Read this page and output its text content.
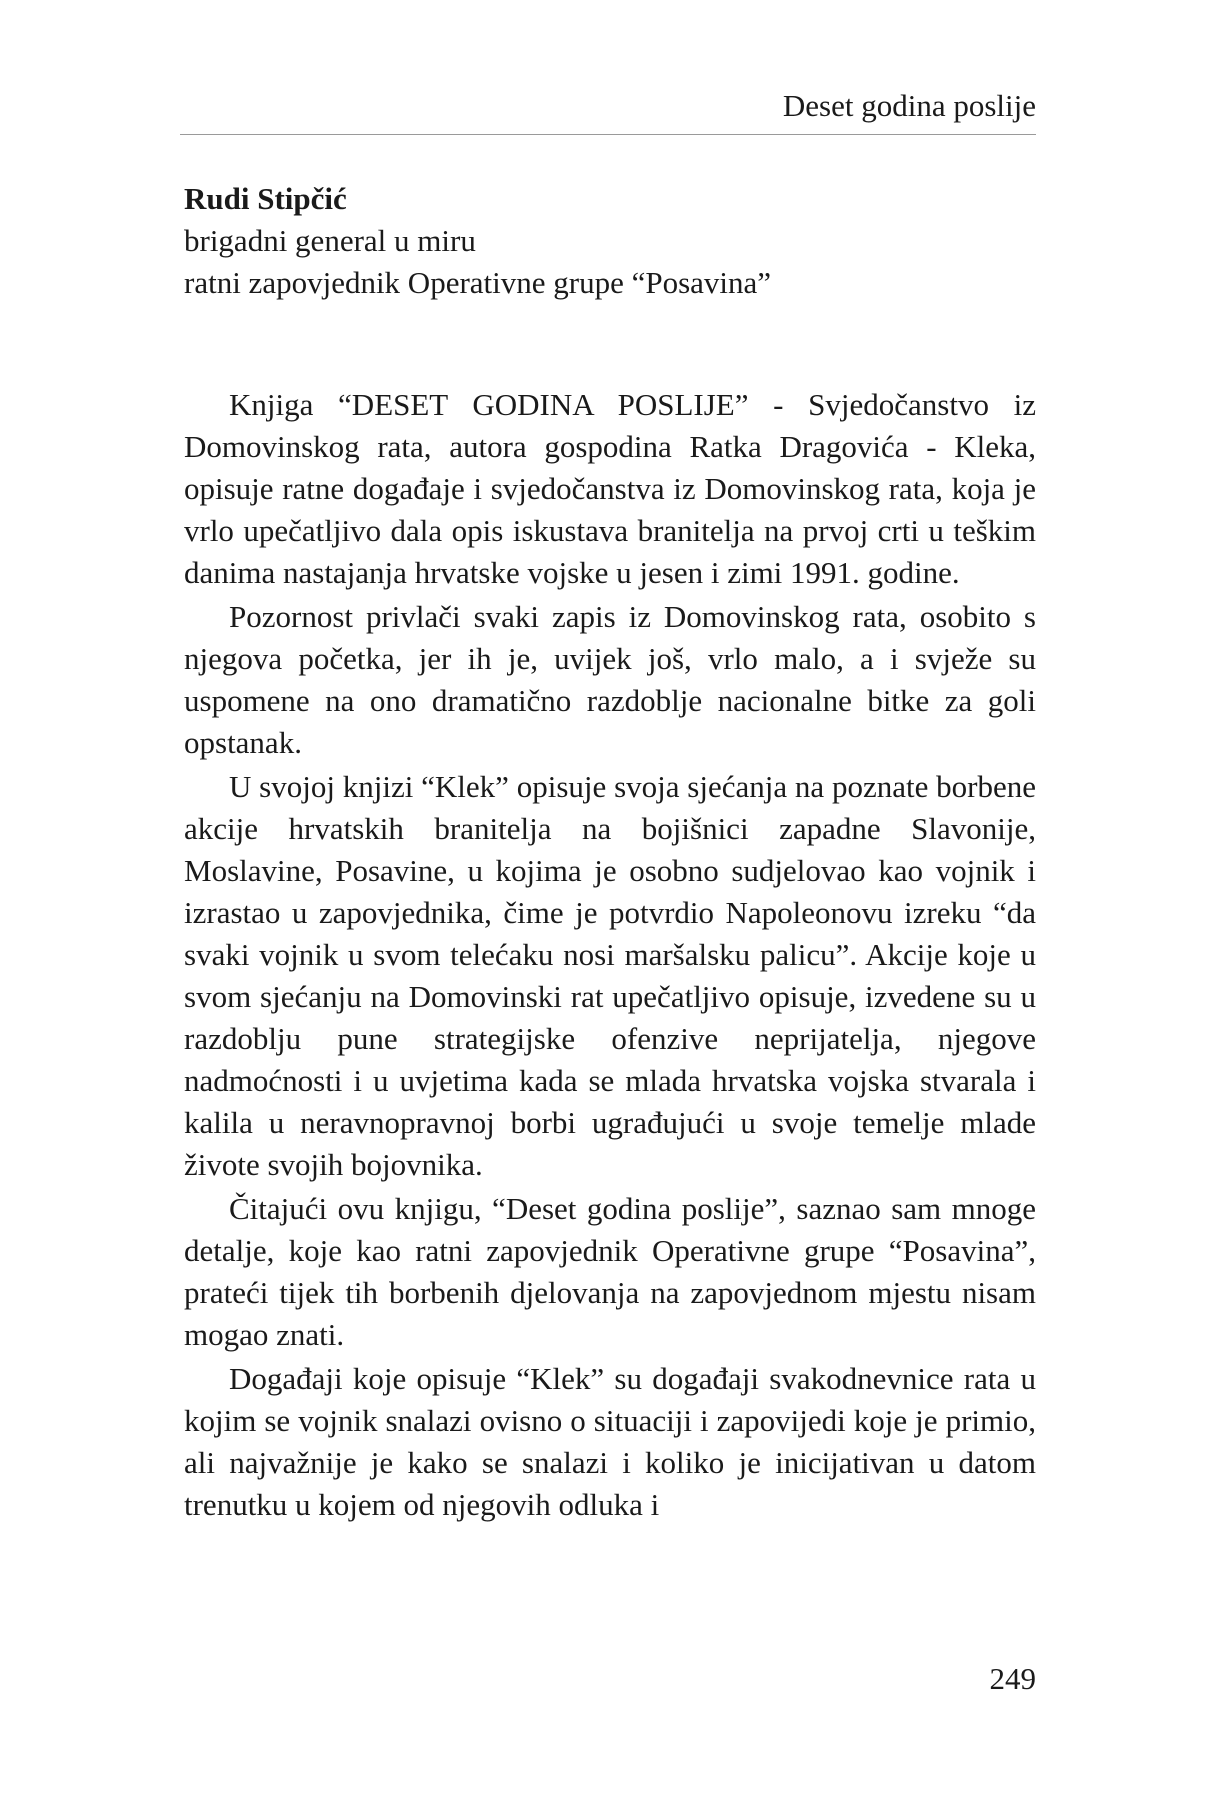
Deset godina poslije
Rudi Stipčić
brigadni general u miru
ratni zapovjednik Operativne grupe “Posavina”

Knjiga “DESET GODINA POSLIJE” - Svjedočanstvo iz Domovinskog rata, autora gospodina Ratka Dragovića - Kleka, opisuje ratne događaje i svjedočanstva iz Domovinskog rata, koja je vrlo upečatljivo dala opis iskustava branitelja na prvoj crti u teškim danima nastajanja hrvatske vojske u jesen i zimi 1991. godine.

Pozornost privlači svaki zapis iz Domovinskog rata, osobito s njegova početka, jer ih je, uvijek još, vrlo malo, a i svježe su uspomene na ono dramatično razdoblje nacionalne bitke za goli opstanak.

U svojoj knjizi “Klek” opisuje svoja sjećanja na poznate borbene akcije hrvatskih branitelja na bojišnici zapadne Slavonije, Moslavine, Posavine, u kojima je osobno sudjelovao kao vojnik i izrastao u zapovjednika, čime je potvrdio Napoleonovu izreku “da svaki vojnik u svom telećaku nosi maršalsku palicu”. Akcije koje u svom sjećanju na Domovinski rat upečatljivo opisuje, izvedene su u razdoblju pune strategijske ofenzive neprijatelja, njegove nadmoćnosti i u uvjetima kada se mlada hrvatska vojska stvarala i kalila u neravnopravnoj borbi ugrađujući u svoje temelje mlade živote svojih bojovnika.

Čitajući ovu knjigu, “Deset godina poslije”, saznao sam mnoge detalje, koje kao ratni zapovjednik Operativne grupe “Posavina”, prateći tijek tih borbenih djelovanja na zapovjednom mjestu nisam mogao znati.

Događaji koje opisuje “Klek” su događaji svakodnevnice rata u kojim se vojnik snalazi ovisno o situaciji i zapovijedi koje je primio, ali najvažnije je kako se snalazi i koliko je inicijativan u datom trenutku u kojem od njegovih odluka i

249
